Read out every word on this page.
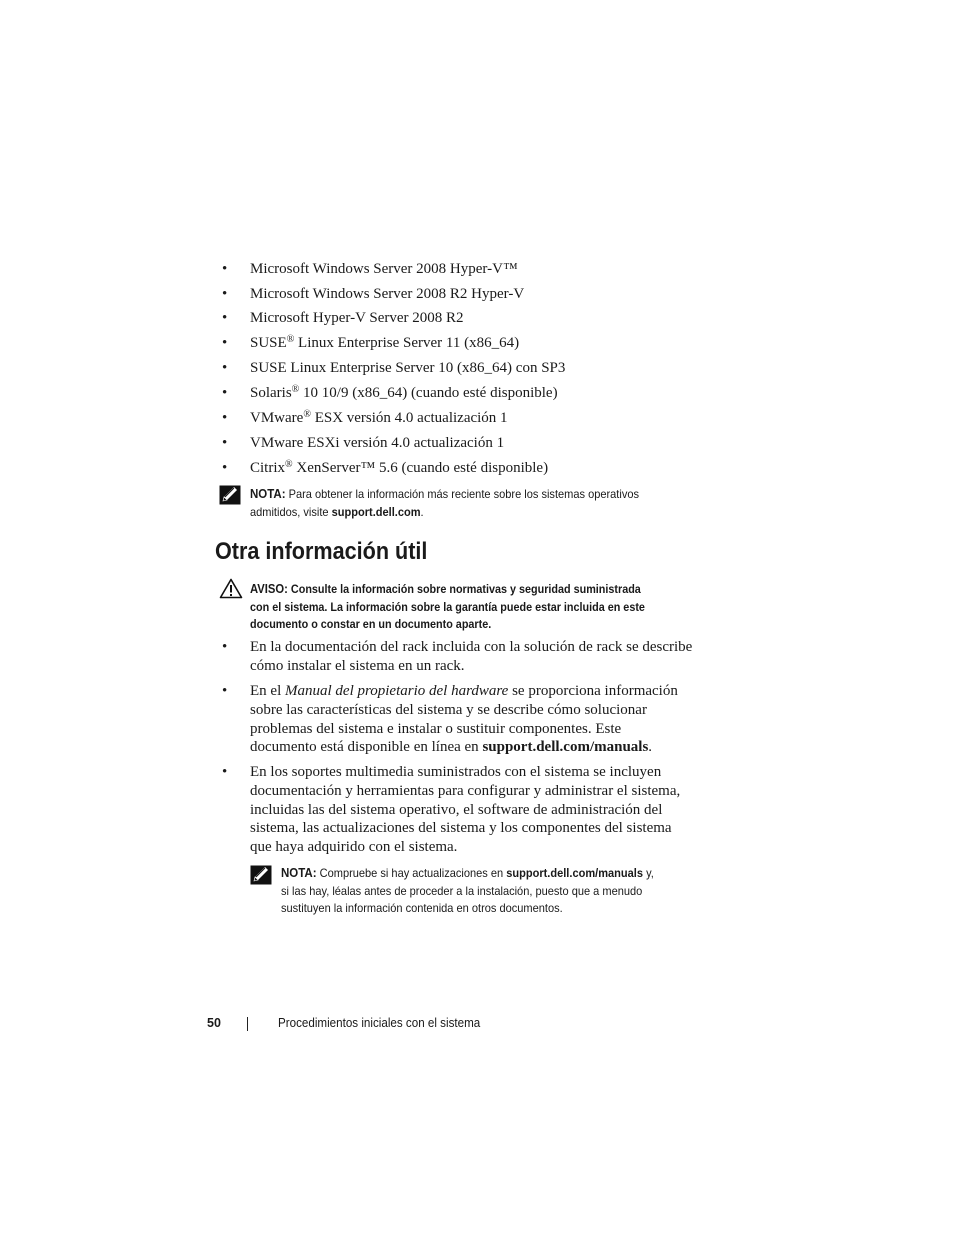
• Microsoft Windows Server 2008 Hyper-V™
• Microsoft Windows Server 2008 R2 Hyper-V
• Microsoft Hyper-V Server 2008 R2
• SUSE® Linux Enterprise Server 11 (x86_64)
• SUSE Linux Enterprise Server 10 (x86_64) con SP3
• Solaris® 10 10/9 (x86_64) (cuando esté disponible)
• VMware® ESX versión 4.0 actualización 1
• VMware ESXi versión 4.0 actualización 1
• Citrix® XenServer™ 5.6 (cuando esté disponible)
NOTA: Para obtener la información más reciente sobre los sistemas operativos
admitidos, visite support.dell.com.
Otra información útil
AVISO: Consulte la información sobre normativas y seguridad suministrada
con el sistema. La información sobre la garantía puede estar incluida en este
documento o constar en un documento aparte.
• En la documentación del rack incluida con la solución de rack se describe
cómo instalar el sistema en un rack.
• En el Manual del propietario del hardware se proporciona información
sobre las características del sistema y se describe cómo solucionar
problemas del sistema e instalar o sustituir componentes. Este
documento está disponible en línea en support.dell.com/manuals.
• En los soportes multimedia suministrados con el sistema se incluyen
documentación y herramientas para configurar y administrar el sistema,
incluidas las del sistema operativo, el software de administración del
sistema, las actualizaciones del sistema y los componentes del sistema
que haya adquirido con el sistema.
NOTA: Compruebe si hay actualizaciones en support.dell.com/manuals y,
si las hay, léalas antes de proceder a la instalación, puesto que a menudo
sustituyen la información contenida en otros documentos.
50	Procedimientos iniciales con el sistema
